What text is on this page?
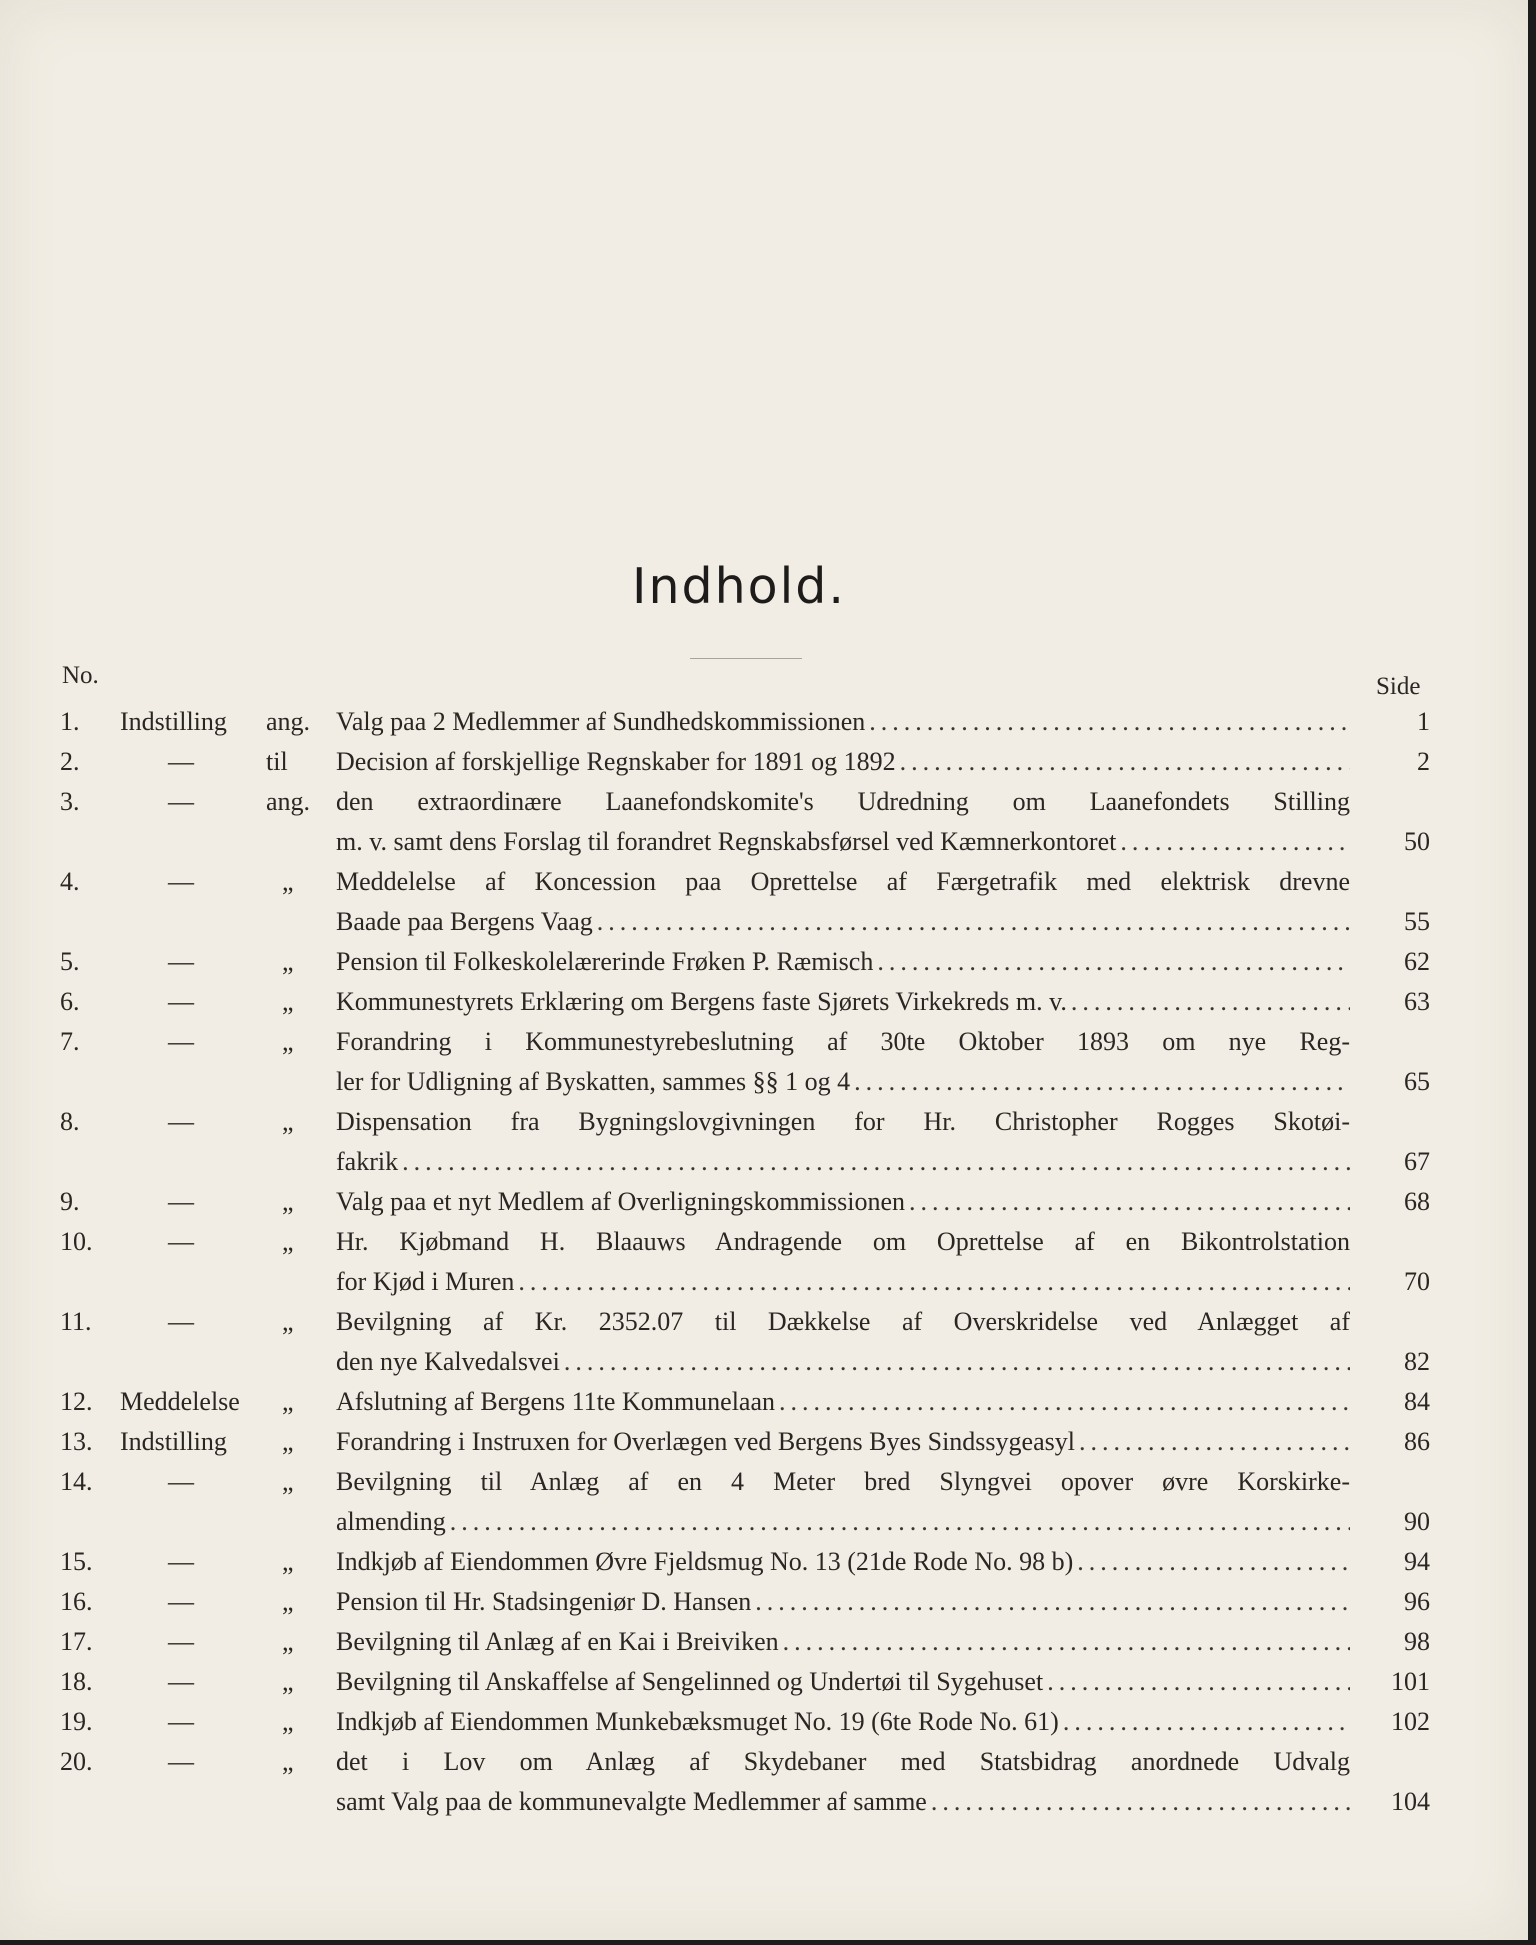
Indhold.
No.	Side
1.	Indstilling	ang. Valg paa 2 Medlemmer af Sundhedskommissionen .....	1
2.	—	til Decision af forskjellige Regnskaber for 1891 og 1892 .....	2
3.	—	ang. den extraordinære Laanefondskomite's Udredning om Laanefondets Stilling
m. v. samt dens Forslag til forandret Regnskabsførsel ved Kæmnerkontoret .....	50
4.	—	„ Meddelelse af Koncession paa Oprettelse af Færgetrafik med elektrisk drevne
Baade paa Bergens Vaag .....	55
5.	—	„ Pension til Folkeskolelærerinde Frøken P. Ræmisch .....	62
6.	—	„ Kommunestyrets Erklæring om Bergens faste Sjørets Virkekreds m. v. .....	63
7.	—	„ Forandring i Kommunestyrebeslutning af 30te Oktober 1893 om nye Reg-
ler for Udligning af Byskatten, sammes §§ 1 og 4 .....	65
8.	—	„ Dispensation fra Bygningslovgivningen for Hr. Christopher Rogges Skotøi-
fakrik .....	67
9.	—	„ Valg paa et nyt Medlem af Overligningskommissionen .....	68
10.	—	„ Hr. Kjøbmand H. Blaauws Andragende om Oprettelse af en Bikontrolstation
for Kjød i Muren .....	70
11.	—	„ Bevilgning af Kr. 2352.07 til Dækkelse af Overskridelse ved Anlægget af
den nye Kalvedalsvei .....	82
12.	Meddelelse	„ Afslutning af Bergens 11te Kommunelaan .....	84
13.	Indstilling	„ Forandring i Instruxen for Overlægen ved Bergens Byes Sindssygeasyl .....	86
14.	—	„ Bevilgning til Anlæg af en 4 Meter bred Slyngvei opover øvre Korskirke-
almending .....	90
15.	—	„ Indkjøb af Eiendommen Øvre Fjeldsmug No. 13 (21de Rode No. 98 b) .....	94
16.	—	„ Pension til Hr. Stadsingeniør D. Hansen .....	96
17.	—	„ Bevilgning til Anlæg af en Kai i Breiviken .....	98
18.	—	„ Bevilgning til Anskaffelse af Sengelinned og Undertøi til Sygehuset .....	101
19.	—	„ Indkjøb af Eiendommen Munkebæksmuget No. 19 (6te Rode No. 61) .....	102
20.	—	„ det i Lov om Anlæg af Skydebaner med Statsbidrag anordnede Udvalg
samt Valg paa de kommunevalgte Medlemmer af samme .....	104
